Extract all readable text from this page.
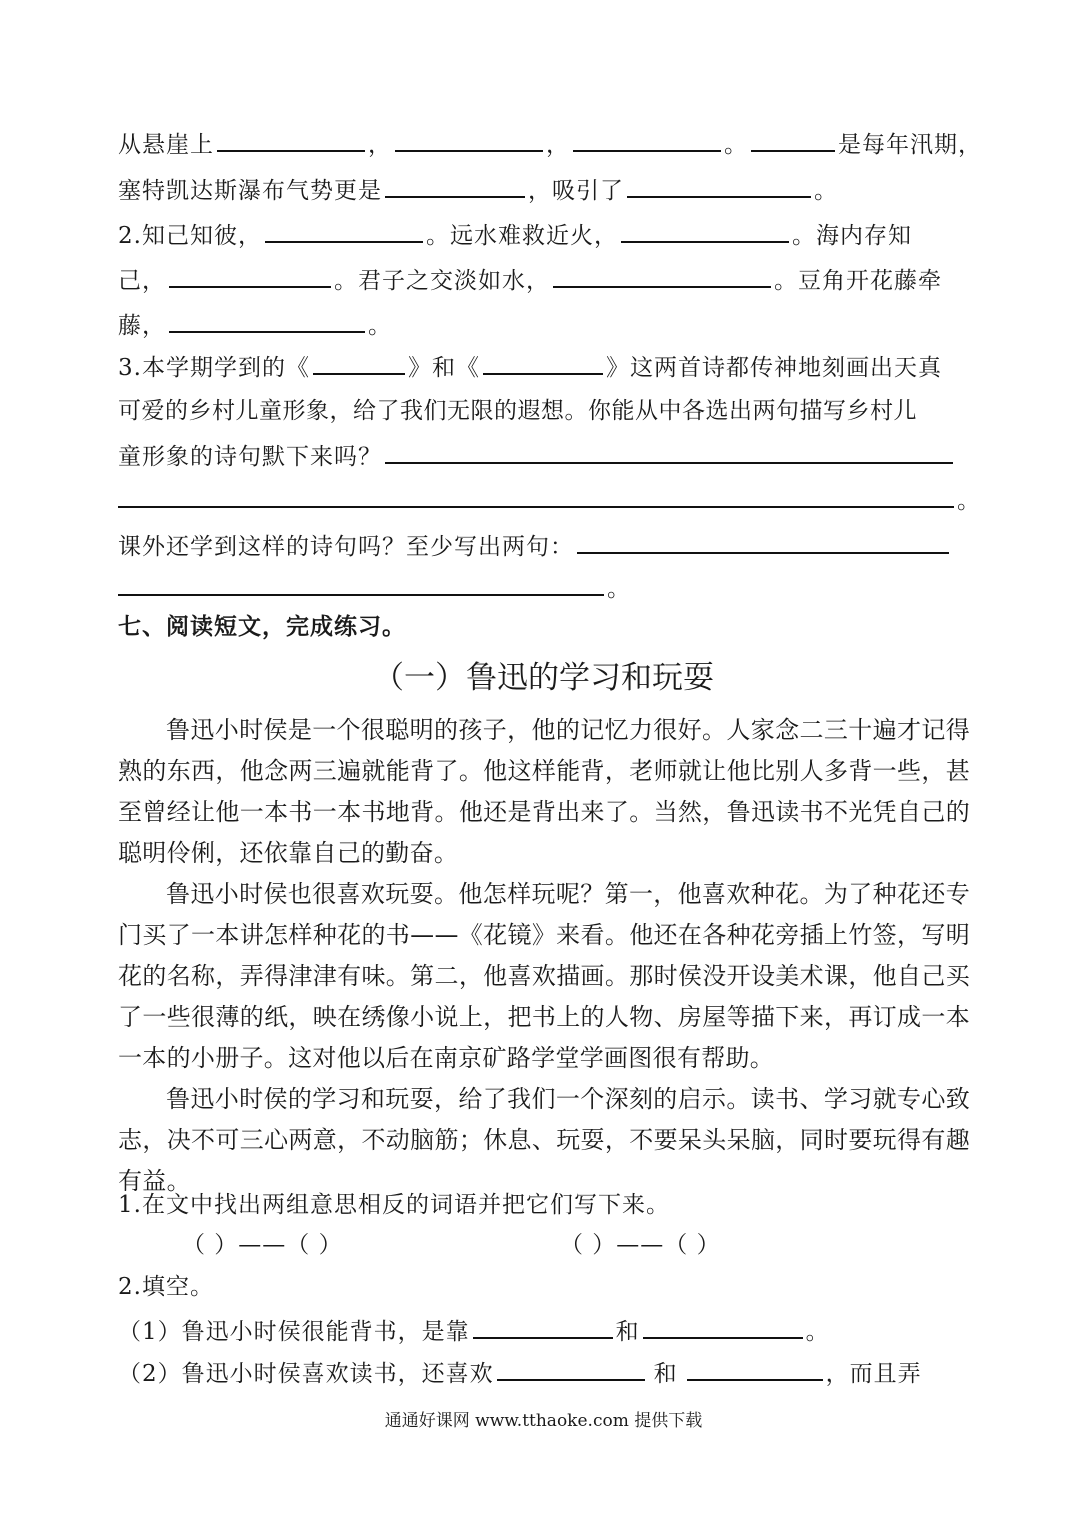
从悬崖上	，	，	。	是每年汛期，
塞特凯达斯瀑布气势更是	，吸引了	。
2.知己知彼，	。远水难救近火，	。海内存知
己，	。君子之交淡如水，	。豆角开花藤牵
藤，	。
3.本学期学到的《	》和《	》这两首诗都传神地刻画出天真
可爱的乡村儿童形象，给了我们无限的遐想。你能从中各选出两句描写乡村儿
童形象的诗句默下来吗？
。
课外还学到这样的诗句吗？至少写出两句：
。
七、阅读短文，完成练习。
（一）鲁迅的学习和玩耍

鲁迅小时侯是一个很聪明的孩子，他的记忆力很好。人家念二三十遍才记得熟的东西，他念两三遍就能背了。他这样能背，老师就让他比别人多背一些，甚至曾经让他一本书一本书地背。他还是背出来了。当然，鲁迅读书不光凭自己的聪明伶俐，还依靠自己的勤奋。

鲁迅小时侯也很喜欢玩耍。他怎样玩呢？第一，他喜欢种花。为了种花还专门买了一本讲怎样种花的书——《花镜》来看。他还在各种花旁插上竹签，写明花的名称，弄得津津有味。第二，他喜欢描画。那时侯没开设美术课，他自己买了一些很薄的纸，映在绣像小说上，把书上的人物、房屋等描下来，再订成一本一本的小册子。这对他以后在南京矿路学堂学画图很有帮助。

鲁迅小时侯的学习和玩耍，给了我们一个深刻的启示。读书、学习就专心致志，决不可三心两意，不动脑筋；休息、玩耍，不要呆头呆脑，同时要玩得有趣有益。

1.在文中找出两组意思相反的词语并把它们写下来。
（ ）——（ ）	（ ）——（ ）
2.填空。
（1）鲁迅小时侯很能背书，是靠	和	。
（2）鲁迅小时侯喜欢读书，还喜欢	和	，而且弄
通通好课网 www.tthaoke.com 提供下载
